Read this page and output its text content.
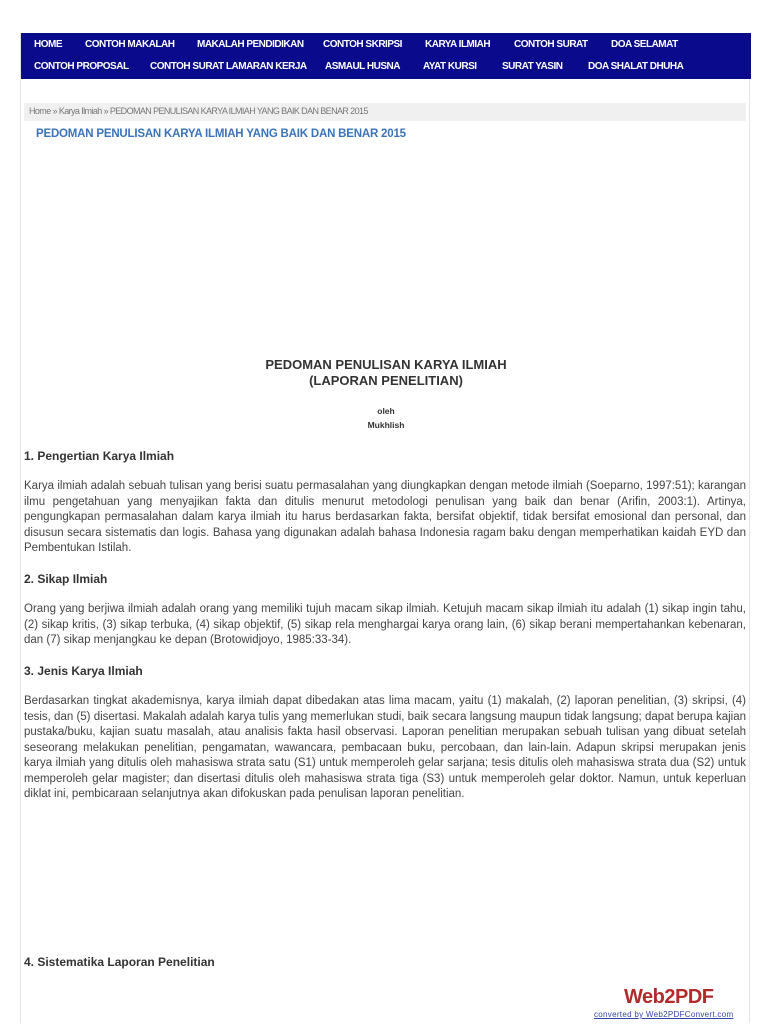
HOME CONTOH MAKALAH MAKALAH PENDIDIKAN CONTOH SKRIPSI KARYA ILMIAH CONTOH SURAT DOA SELAMAT
CONTOH PROPOSAL CONTOH SURAT LAMARAN KERJA ASMAUL HUSNA AYAT KURSI	SURAT YASIN	DOA SHALAT DHUHA
Home » Karya Ilmiah » PEDOMAN PENULISAN KARYA ILMIAH YANG BAIK DAN BENAR 2015
PEDOMAN PENULISAN KARYA ILMIAH YANG BAIK DAN BENAR 2015
PEDOMAN PENULISAN KARYA ILMIAH
(LAPORAN PENELITIAN)
oleh
Mukhlish
1. Pengertian Karya Ilmiah

Karya ilmiah adalah sebuah tulisan yang berisi suatu permasalahan yang diungkapkan dengan metode ilmiah (Soeparno, 1997:51); karangan ilmu pengetahuan yang menyajikan fakta dan ditulis menurut metodologi penulisan yang baik dan benar (Arifin, 2003:1). Artinya, pengungkapan permasalahan dalam karya ilmiah itu harus berdasarkan fakta, bersifat objektif, tidak bersifat emosional dan personal, dan disusun secara sistematis dan logis. Bahasa yang digunakan adalah bahasa Indonesia ragam baku dengan memperhatikan kaidah EYD dan Pembentukan Istilah.

2. Sikap Ilmiah

Orang yang berjiwa ilmiah adalah orang yang memiliki tujuh macam sikap ilmiah. Ketujuh macam sikap ilmiah itu adalah (1) sikap ingin tahu, (2) sikap kritis, (3) sikap terbuka, (4) sikap objektif, (5) sikap rela menghargai karya orang lain, (6) sikap berani mempertahankan kebenaran, dan (7) sikap menjangkau ke depan (Brotowidjoyo, 1985:33-34).

3. Jenis Karya Ilmiah

Berdasarkan tingkat akademisnya, karya ilmiah dapat dibedakan atas lima macam, yaitu (1) makalah, (2) laporan penelitian, (3) skripsi, (4) tesis, dan (5) disertasi. Makalah adalah karya tulis yang memerlukan studi, baik secara langsung maupun tidak langsung; dapat berupa kajian pustaka/buku, kajian suatu masalah, atau analisis fakta hasil observasi. Laporan penelitian merupakan sebuah tulisan yang dibuat setelah seseorang melakukan penelitian, pengamatan, wawancara, pembacaan buku, percobaan, dan lain-lain. Adapun skripsi merupakan jenis karya ilmiah yang ditulis oleh mahasiswa strata satu (S1) untuk memperoleh gelar sarjana; tesis ditulis oleh mahasiswa strata dua (S2) untuk memperoleh gelar magister; dan disertasi ditulis oleh mahasiswa strata tiga (S3) untuk memperoleh gelar doktor. Namun, untuk keperluan diklat ini, pembicaraan selanjutnya akan difokuskan pada penulisan laporan penelitian.

4. Sistematika Laporan Penelitian
Web2PDF
converted by Web2PDFConvert.com
